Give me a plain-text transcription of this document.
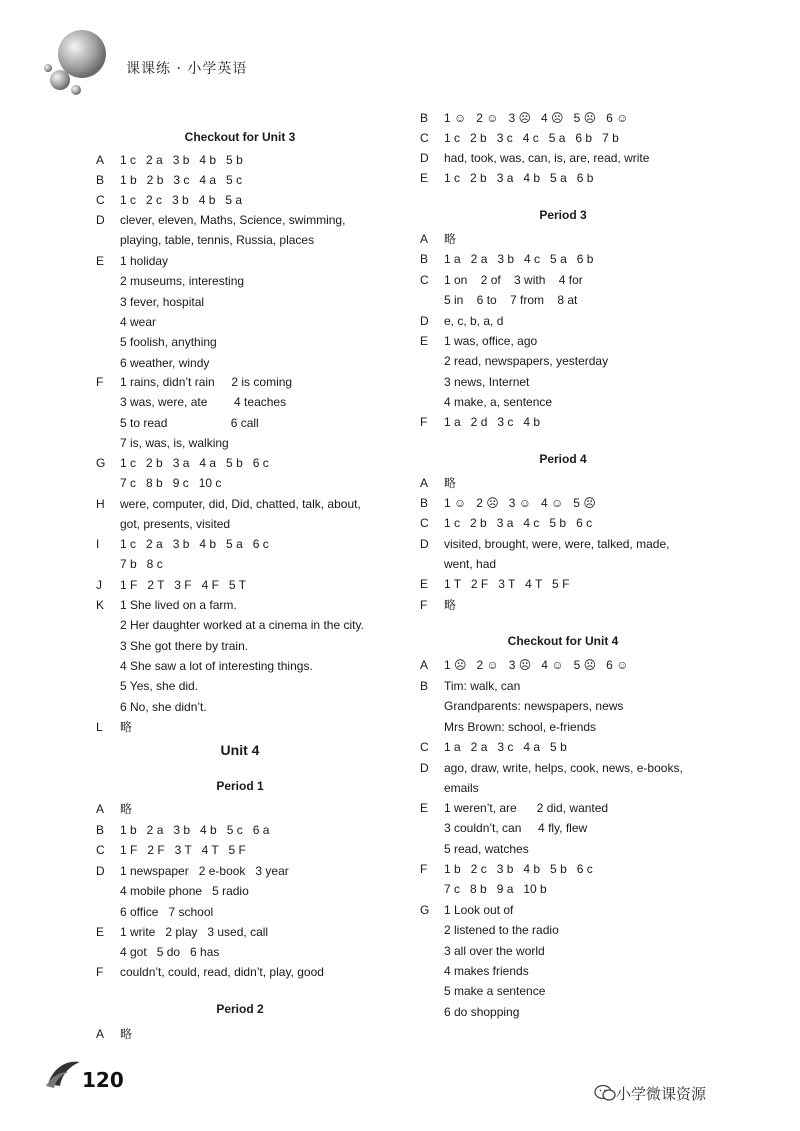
课课练 · 小学英语
Checkout for Unit 3
A 1 c   2 a   3 b   4 b   5 b
B 1 b   2 b   3 c   4 a   5 c
C 1 c   2 c   3 b   4 b   5 a
D clever, eleven, Maths, Science, swimming,
playing, table, tennis, Russia, places
E 1 holiday
2 museums, interesting
3 fever, hospital
4 wear
5 foolish, anything
6 weather, windy
F 1 rains, didn’t rain     2 is coming
3 was, were, ate        4 teaches
5 to read                   6 call
7 is, was, is, walking
G 1 c   2 b   3 a   4 a   5 b   6 c
7 c   8 b   9 c   10 c
H were, computer, did, Did, chatted, talk, about,
got, presents, visited
I 1 c   2 a   3 b   4 b   5 a   6 c
7 b   8 c
J 1 F   2 T   3 F   4 F   5 T
K 1 She lived on a farm.
2 Her daughter worked at a cinema in the city.
3 She got there by train.
4 She saw a lot of interesting things.
5 Yes, she did.
6 No, she didn’t.
L 略
A 略
B 1 b   2 a   3 b   4 b   5 c   6 a
C 1 F   2 F   3 T   4 T   5 F
D 1 newspaper   2 e-book   3 year
4 mobile phone   5 radio
6 office   7 school
E 1 write   2 play   3 used, call
4 got   5 do   6 has
F couldn’t, could, read, didn’t, play, good
A 略
Unit 4
Period 1
Period 2
B 1 ☺   2 ☺   3 ☹   4 ☹   5 ☹   6 ☺
C 1 c   2 b   3 c   4 c   5 a   6 b   7 b
D had, took, was, can, is, are, read, write
E 1 c   2 b   3 a   4 b   5 a   6 b
A 略
B 1 a   2 a   3 b   4 c   5 a   6 b
C 1 on    2 of    3 with    4 for
5 in    6 to    7 from    8 at
D e, c, b, a, d
E 1 was, office, ago
2 read, newspapers, yesterday
3 news, Internet
4 make, a, sentence
F 1 a   2 d   3 c   4 b
A 略
B 1 ☺   2 ☹   3 ☺   4 ☺   5 ☹
C 1 c   2 b   3 a   4 c   5 b   6 c
D visited, brought, were, were, talked, made,
went, had
E 1 T   2 F   3 T   4 T   5 F
F 略
A 1 ☹   2 ☺   3 ☹   4 ☺   5 ☹   6 ☺
B Tim: walk, can
Grandparents: newspapers, news
Mrs Brown: school, e-friends
C 1 a   2 a   3 c   4 a   5 b
D ago, draw, write, helps, cook, news, e-books,
emails
E 1 weren’t, are      2 did, wanted
3 couldn’t, can     4 fly, flew
5 read, watches
F 1 b   2 c   3 b   4 b   5 b   6 c
7 c   8 b   9 a   10 b
G 1 Look out of
2 listened to the radio
3 all over the world
4 makes friends
5 make a sentence
6 do shopping
Period 3
Period 4
Checkout for Unit 4
120
小学微课资源
